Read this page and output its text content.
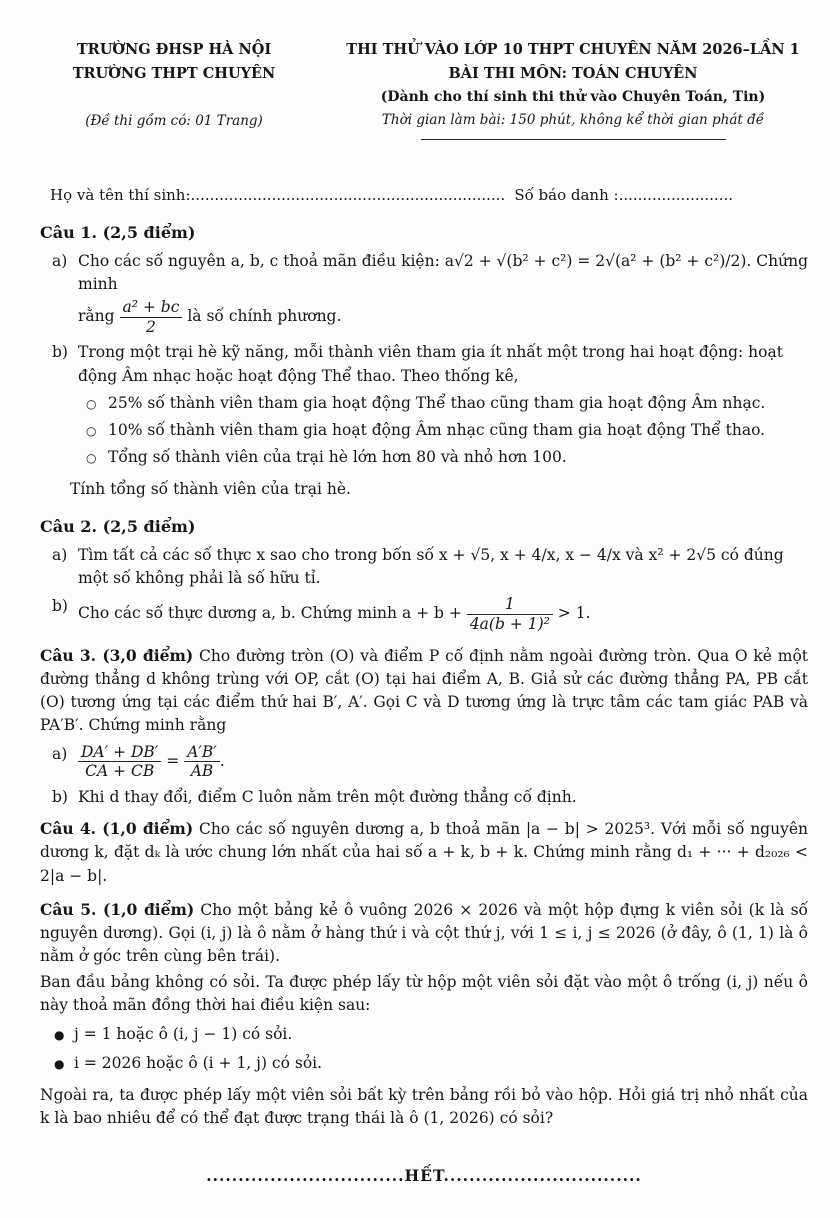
TRƯỜNG ĐHSP HÀ NỘI
TRƯỜNG THPT CHUYÊN
(Đề thi gồm có: 01 Trang)
THI THỬ VÀO LỚP 10 THPT CHUYÊN NĂM 2026–LẦN 1
BÀI THI MÔN: TOÁN CHUYÊN
(Dành cho thí sinh thi thử vào Chuyên Toán, Tin)
Thời gian làm bài: 150 phút, không kể thời gian phát đề
Họ và tên thí sinh:.................................................................. Số báo danh :........................
Câu 1. (2,5 điểm)
a) Cho các số nguyên a, b, c thoả mãn điều kiện: a√2 + √(b² + c²) = 2√(a² + (b² + c²)/2). Chứng minh
rằng $\frac{\text{a² + bc}}{2}$ là số chính phương.
b) Trong một trại hè kỹ năng, mỗi thành viên tham gia ít nhất một trong hai hoạt động: hoạt động Âm nhạc hoặc hoạt động Thể thao. Theo thống kê,
○ 25% số thành viên tham gia hoạt động Thể thao cũng tham gia hoạt động Âm nhạc.
○ 10% số thành viên tham gia hoạt động Âm nhạc cũng tham gia hoạt động Thể thao.
○ Tổng số thành viên của trại hè lớn hơn 80 và nhỏ hơn 100.
Tính tổng số thành viên của trại hè.
Câu 2. (2,5 điểm)
a) Tìm tất cả các số thực x sao cho trong bốn số x + √5, x + 4/x, x − 4/x và x² + 2√5 có đúng một số không phải là số hữu tỉ.
b) Cho các số thực dương a, b. Chứng minh $a + b + \frac{1}{\text{4a(b + 1)²}} > 1$.
Câu 3. (3,0 điểm) Cho đường tròn (O) và điểm P cố định nằm ngoài đường tròn. Qua O kẻ một đường thẳng d không trùng với OP, cắt (O) tại hai điểm A, B. Giả sử các đường thẳng PA, PB cắt (O) tương ứng tại các điểm thứ hai B′, A′. Gọi C và D tương ứng là trực tâm các tam giác PAB và PA′B′. Chứng minh rằng
$a) \frac{DA' + DB'}{CA + CB} = \frac{A'B'}{AB}$ .
b) Khi d thay đổi, điểm C luôn nằm trên một đường thẳng cố định.
Câu 4. (1,0 điểm) Cho các số nguyên dương a, b thoả mãn |a − b| > 2025³. Với mỗi số nguyên dương k, đặt dₖ là ước chung lớn nhất của hai số a + k, b + k. Chứng minh rằng d₁ + ··· + d₂₀₂₆ < 2|a − b|.
Câu 5. (1,0 điểm) Cho một bảng kẻ ô vuông 2026 × 2026 và một hộp đựng k viên sỏi (k là số nguyên dương). Gọi (i, j) là ô nằm ở hàng thứ i và cột thứ j, với 1 ≤ i, j ≤ 2026 (ở đây, ô (1, 1) là ô nằm ở góc trên cùng bên trái).
Ban đầu bảng không có sỏi. Ta được phép lấy từ hộp một viên sỏi đặt vào một ô trống (i, j) nếu ô này thoả mãn đồng thời hai điều kiện sau:
● j = 1 hoặc ô (i, j − 1) có sỏi.
● i = 2026 hoặc ô (i + 1, j) có sỏi.
Ngoài ra, ta được phép lấy một viên sỏi bất kỳ trên bảng rồi bỏ vào hộp. Hỏi giá trị nhỏ nhất của k là bao nhiêu để có thể đạt được trạng thái là ô (1, 2026) có sỏi?
...............................HẾT...............................
